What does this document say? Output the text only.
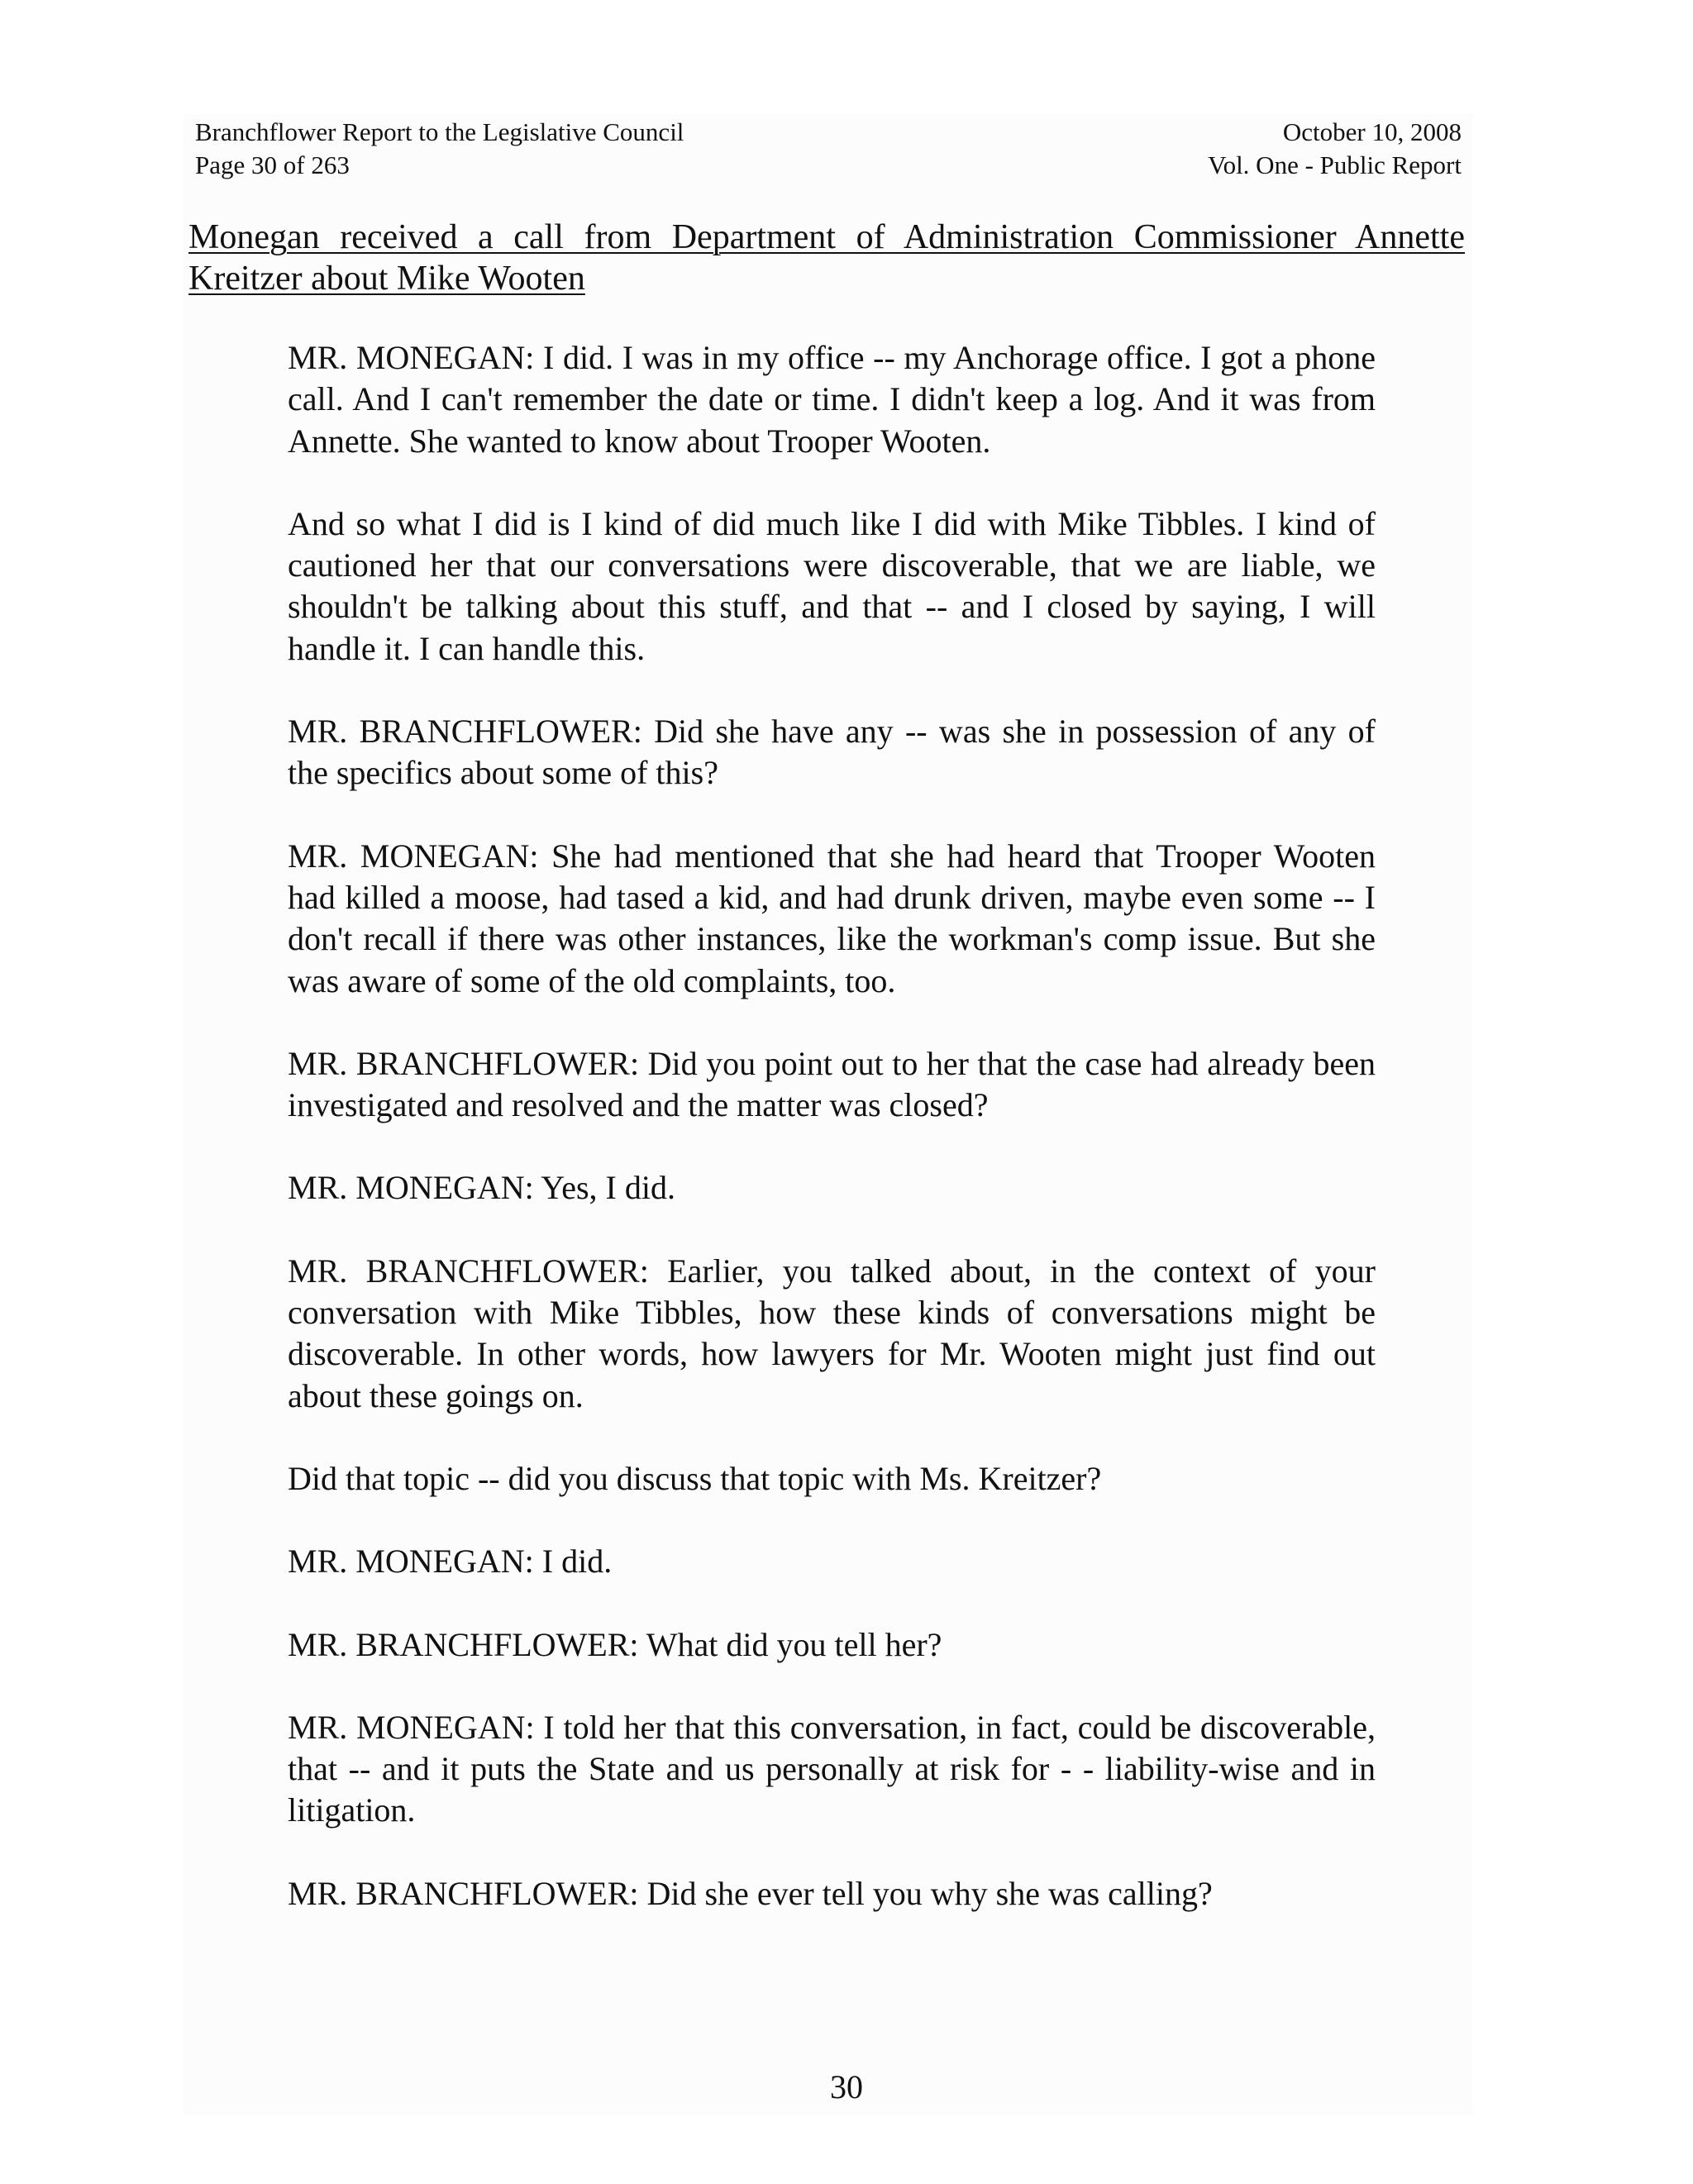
Branchflower Report to the Legislative Council
Page 30 of 263
October 10, 2008
Vol. One - Public Report
Monegan received a call from Department of Administration Commissioner Annette Kreitzer about Mike Wooten

MR. MONEGAN: I did. I was in my office -- my Anchorage office. I got a phone call. And I can't remember the date or time. I didn't keep a log. And it was from Annette. She wanted to know about Trooper Wooten.

And so what I did is I kind of did much like I did with Mike Tibbles. I kind of cautioned her that our conversations were discoverable, that we are liable, we shouldn't be talking about this stuff, and that -- and I closed by saying, I will handle it. I can handle this.

MR. BRANCHFLOWER: Did she have any -- was she in possession of any of the specifics about some of this?

MR. MONEGAN: She had mentioned that she had heard that Trooper Wooten had killed a moose, had tased a kid, and had drunk driven, maybe even some -- I don't recall if there was other instances, like the workman's comp issue. But she was aware of some of the old complaints, too.

MR. BRANCHFLOWER: Did you point out to her that the case had already been investigated and resolved and the matter was closed?

MR. MONEGAN: Yes, I did.

MR. BRANCHFLOWER: Earlier, you talked about, in the context of your conversation with Mike Tibbles, how these kinds of conversations might be discoverable. In other words, how lawyers for Mr. Wooten might just find out about these goings on.

Did that topic -- did you discuss that topic with Ms. Kreitzer?

MR. MONEGAN: I did.

MR. BRANCHFLOWER: What did you tell her?

MR. MONEGAN: I told her that this conversation, in fact, could be discoverable, that -- and it puts the State and us personally at risk for - - liability-wise and in litigation.

MR. BRANCHFLOWER: Did she ever tell you why she was calling?

30
